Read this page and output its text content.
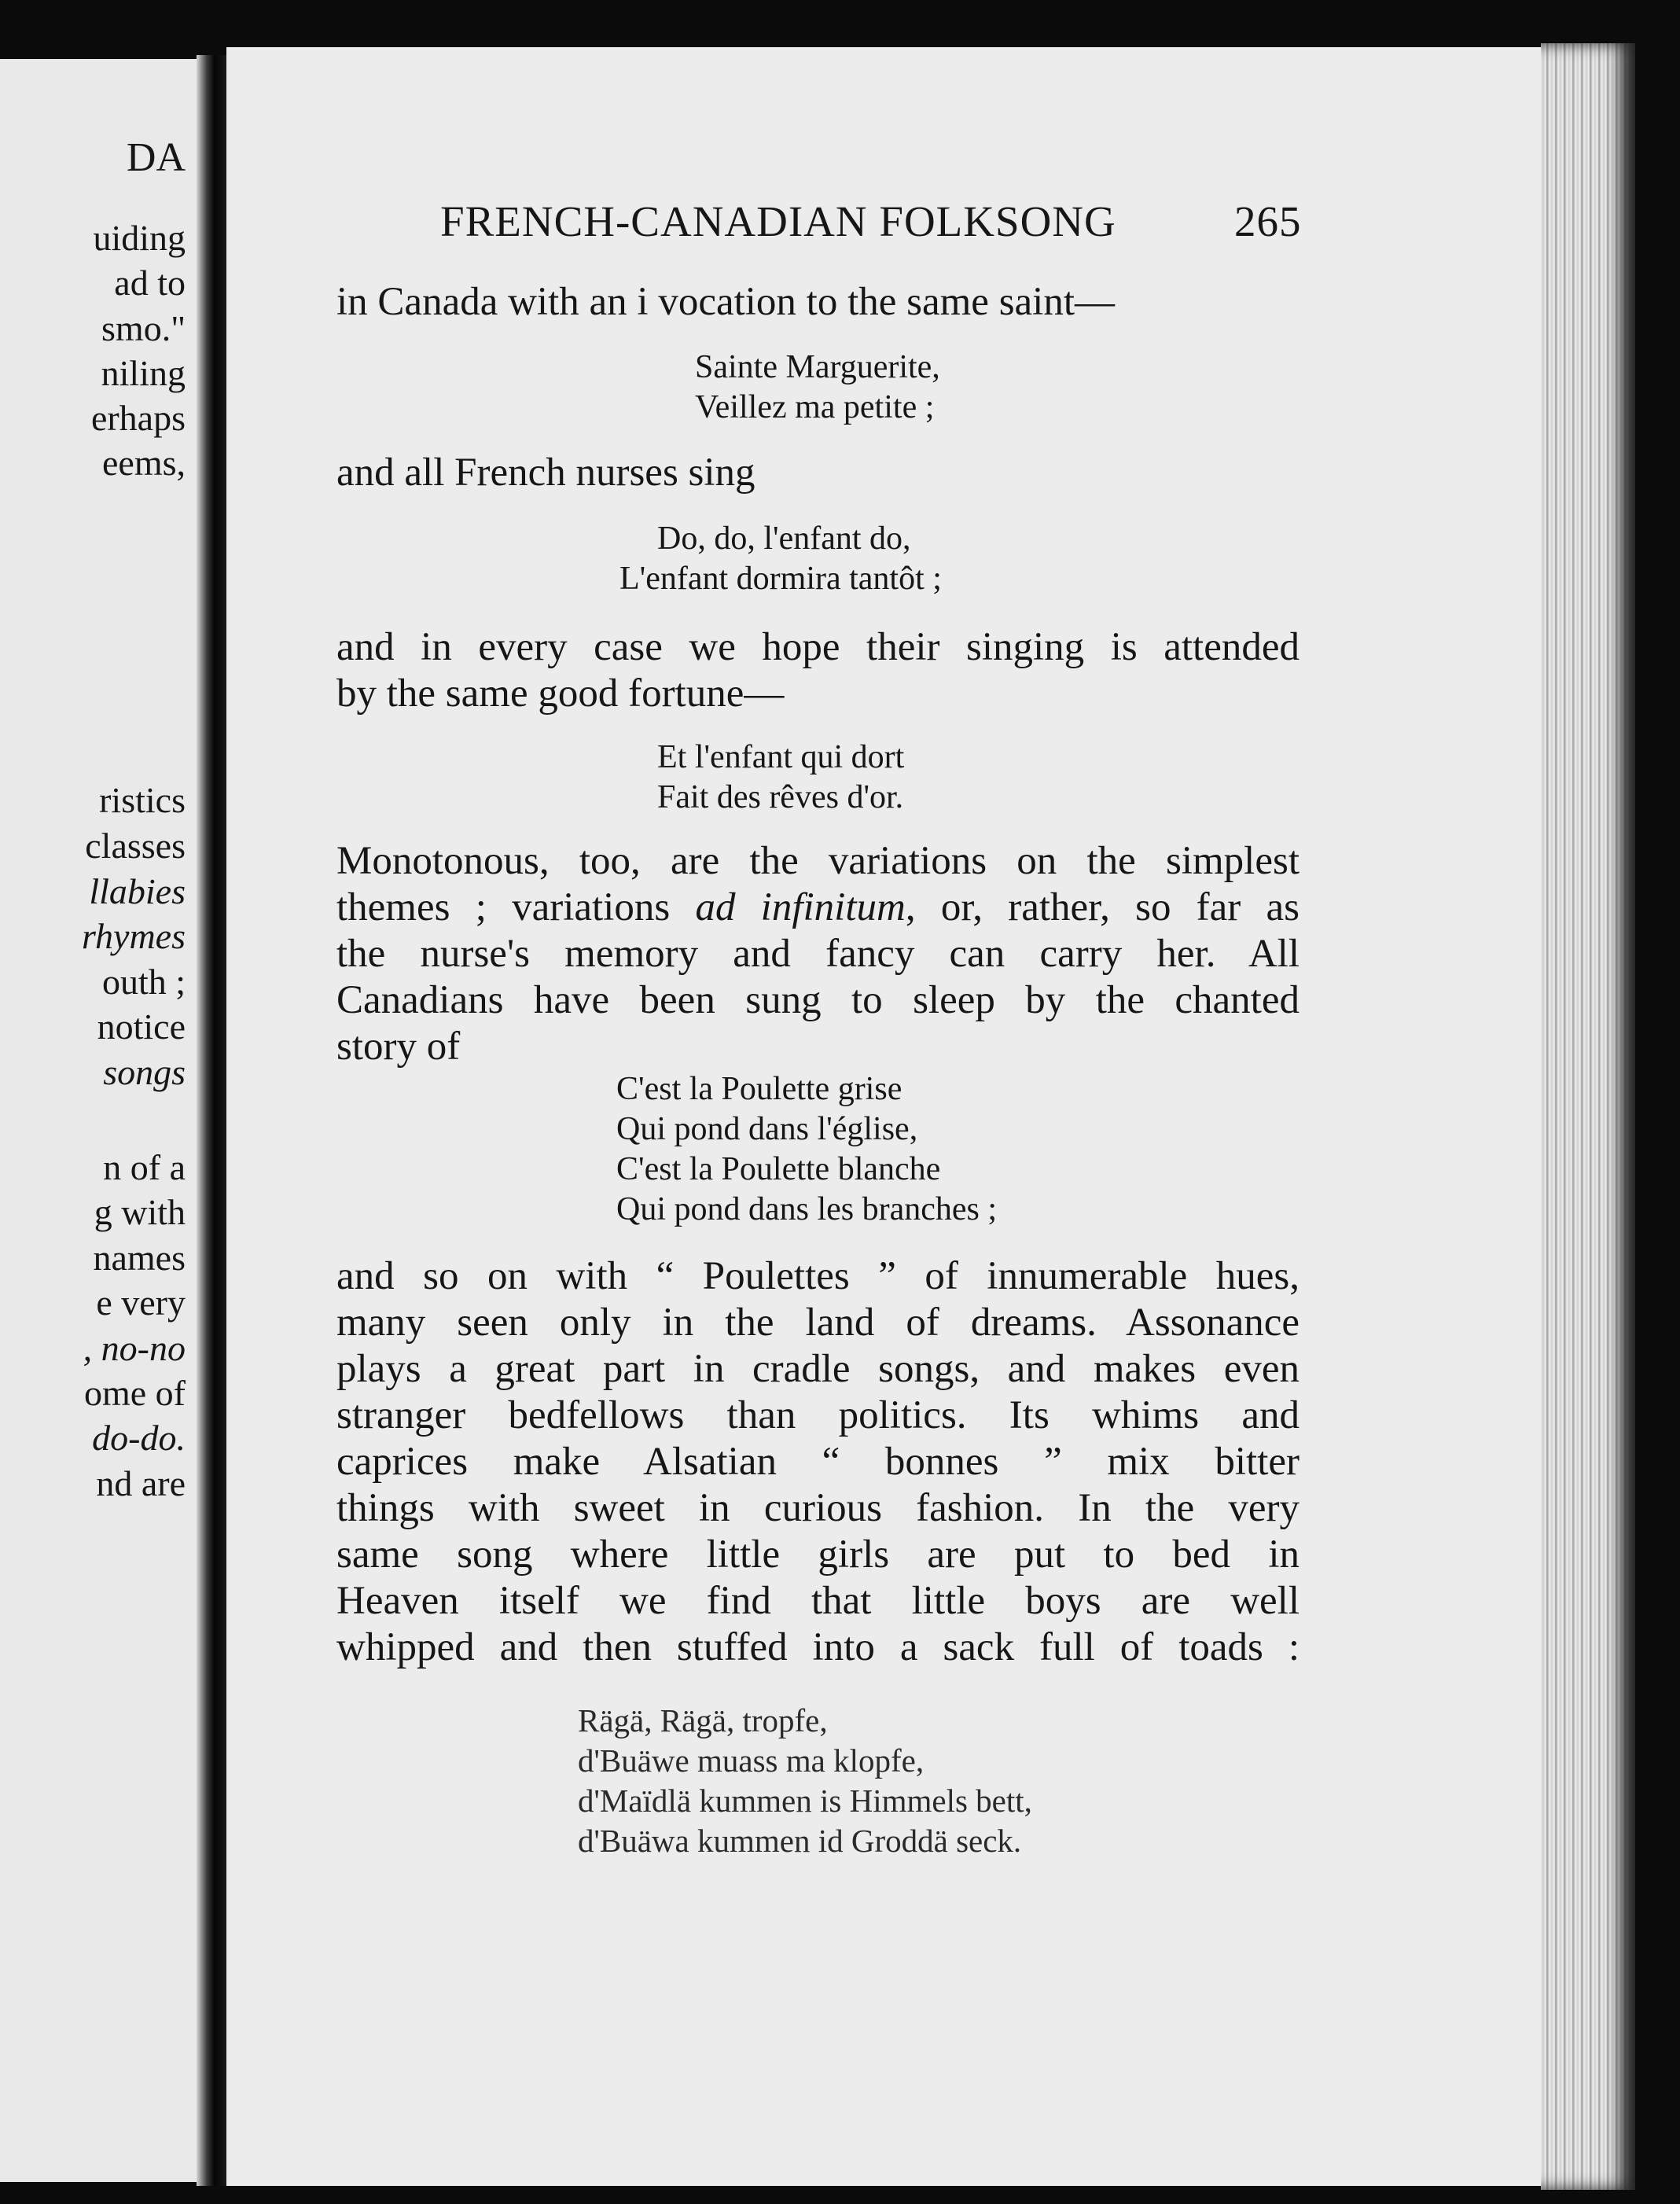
DA
uiding
ad to
smo."
niling
erhaps
eems,
ristics
classes
llabies
rhymes
outh ;
notice
songs
n of a
g with
names
e very
, no-no
ome of
do-do.
nd are
FRENCH-CANADIAN FOLKSONG	265
in Canada with an i vocation to the same saint—
Sainte Marguerite,
Veillez ma petite ;
and all French nurses sing
Do, do, l'enfant do,
L'enfant dormira tantôt ;
and in every case we hope their singing is attended
by the same good fortune—
Et l'enfant qui dort
Fait des rêves d'or.
Monotonous, too, are the variations on the simplest
themes ; variations ad infinitum, or, rather, so far as
the nurse's memory and fancy can carry her. All
Canadians have been sung to sleep by the chanted
story of
C'est la Poulette grise
Qui pond dans l'église,
C'est la Poulette blanche
Qui pond dans les branches ;
and so on with “ Poulettes ” of innumerable hues,
many seen only in the land of dreams. Assonance
plays a great part in cradle songs, and makes even
stranger bedfellows than politics. Its whims and
caprices make Alsatian “ bonnes ” mix bitter
things with sweet in curious fashion. In the very
same song where little girls are put to bed in
Heaven itself we find that little boys are well
whipped and then stuffed into a sack full of toads :
Rägä, Rägä, tropfe,
d'Buäwe muass ma klopfe,
d'Maïdlä kummen is Himmels bett,
d'Buäwa kummen id Groddä seck.
